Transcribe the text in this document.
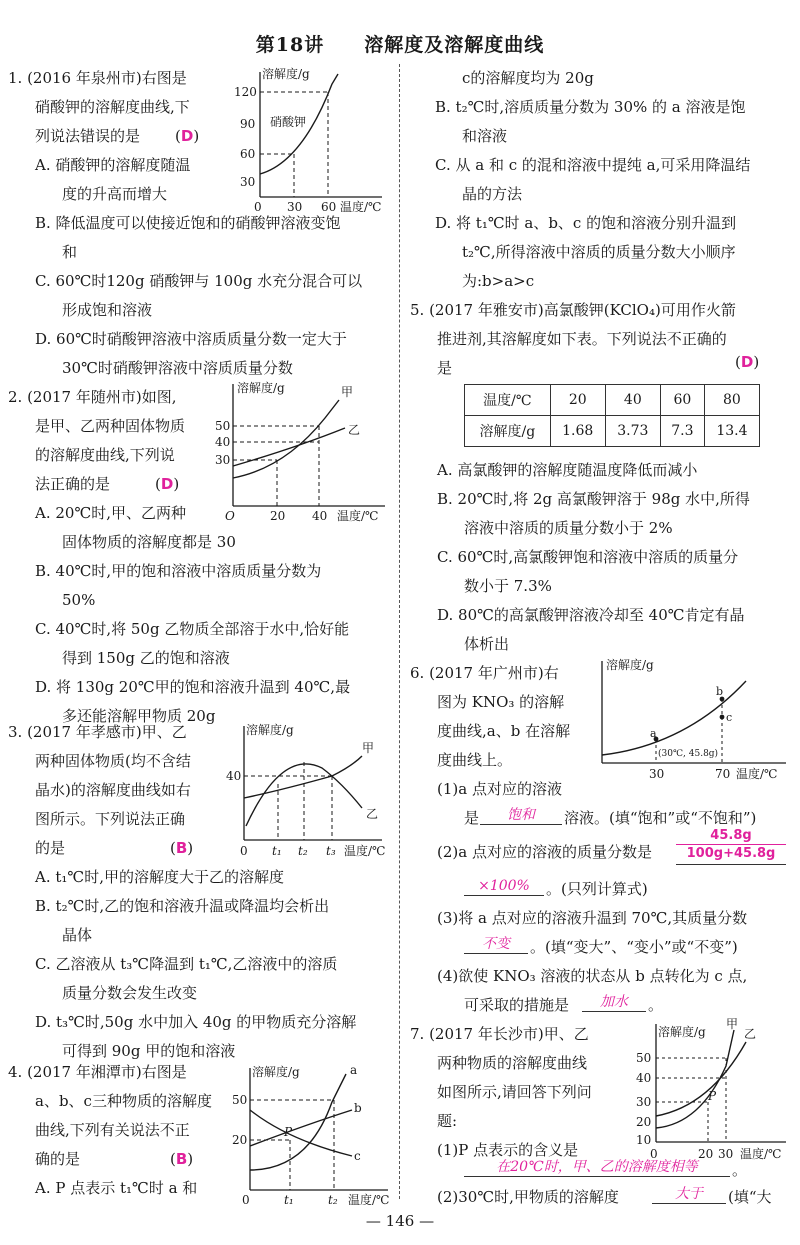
第18讲　　溶解度及溶解度曲线
1. (2016 年泉州市)右图是
硝酸钾的溶解度曲线,下
列说法错误的是 (D)
A. 硝酸钾的溶解度随温
度的升高而增大
B. 降低温度可以使接近饱和的硝酸钾溶液变饱
和
C. 60℃时120g 硝酸钾与 100g 水充分混合可以
形成饱和溶液
D. 60℃时硝酸钾溶液中溶质质量分数一定大于
30℃时硝酸钾溶液中溶质质量分数
溶解度/g
硝酸钾
120
90
60
30
0 30 60 温度/℃
2. (2017 年随州市)如图,
是甲、乙两种固体物质
的溶解度曲线,下列说
法正确的是	(D)
A. 20℃时,甲、乙两种
固体物质的溶解度都是 30
B. 40℃时,甲的饱和溶液中溶质质量分数为
50%
C. 40℃时,将 50g 乙物质全部溶于水中,恰好能
得到 150g 乙的饱和溶液
D. 将 130g 20℃甲的饱和溶液升温到 40℃,最
多还能溶解甲物质 20g
溶解度/g	甲
乙
50
40
30
O	20 40 温度/℃
3. (2017 年孝感市)甲、乙
两种固体物质(均不含结
晶水)的溶解度曲线如右
图所示。下列说法正确
的是	(B)
A. t₁℃时,甲的溶解度大于乙的溶解度
B. t₂℃时,乙的饱和溶液升温或降温均会析出
晶体
C. 乙溶液从 t₃℃降温到 t₁℃,乙溶液中的溶质
质量分数会发生改变
D. t₃℃时,50g 水中加入 40g 的甲物质充分溶解
可得到 90g 甲的饱和溶液
溶解度/g
甲
乙
40
0 t₁ t₂ t₃ 温度/℃
4. (2017 年湘潭市)右图是
a、b、c三种物质的溶解度
曲线,下列有关说法不正
确的是	(B)
A. P 点表示 t₁℃时 a 和
溶解度/g	a
b
c
P
50
20
0	t₁	t₂ 温度/℃
c的溶解度均为 20g
B. t₂℃时,溶质质量分数为 30% 的 a 溶液是饱
和溶液
C. 从 a 和 c 的混和溶液中提纯 a,可采用降温结
晶的方法
D. 将 t₁℃时 a、b、c 的饱和溶液分别升温到
t₂℃,所得溶液中溶质的质量分数大小顺序
为:b>a>c
5. (2017 年雅安市)高氯酸钾(KClO₄)可用作火箭
推进剂,其溶解度如下表。下列说法不正确的
是	(D)
温度/℃	20	40	60	80
溶解度/g	1.68	3.73	7.3	13.4
A. 高氯酸钾的溶解度随温度降低而减小
B. 20℃时,将 2g 高氯酸钾溶于 98g 水中,所得
溶液中溶质的质量分数小于 2%
C. 60℃时,高氯酸钾饱和溶液中溶质的质量分
数小于 7.3%
D. 80℃的高氯酸钾溶液冷却至 40℃肯定有晶
体析出
6. (2017 年广州市)右
图为 KNO₃ 的溶解
度曲线,a、b 在溶解
度曲线上。
(1)a 点对应的溶液
是	饱和	溶液。(填“饱和”或“不饱和”)
(2)a 点对应的溶液的质量分数是
45.8g
100g+45.8g
×100%	。(只列计算式)
(3)将 a 点对应的溶液升温到 70℃,其质量分数
不变	。(填“变大”、“变小”或“不变”)
(4)欲使 KNO₃ 溶液的状态从 b 点转化为 c 点,
可采取的措施是	加水	。
溶解度/g
a
b
c
(30℃, 45.8g)
30	70 温度/℃
7. (2017 年长沙市)甲、乙
两种物质的溶解度曲线
如图所示,请回答下列问
题:
(1)P 点表示的含义是
在20℃时，甲、乙的溶解度相等	。
(2)30℃时,甲物质的溶解度	大于	(填“大
溶解度/g
甲
乙
P
50
40
30
20
10
0	20 30 温度/℃
— 146 —
